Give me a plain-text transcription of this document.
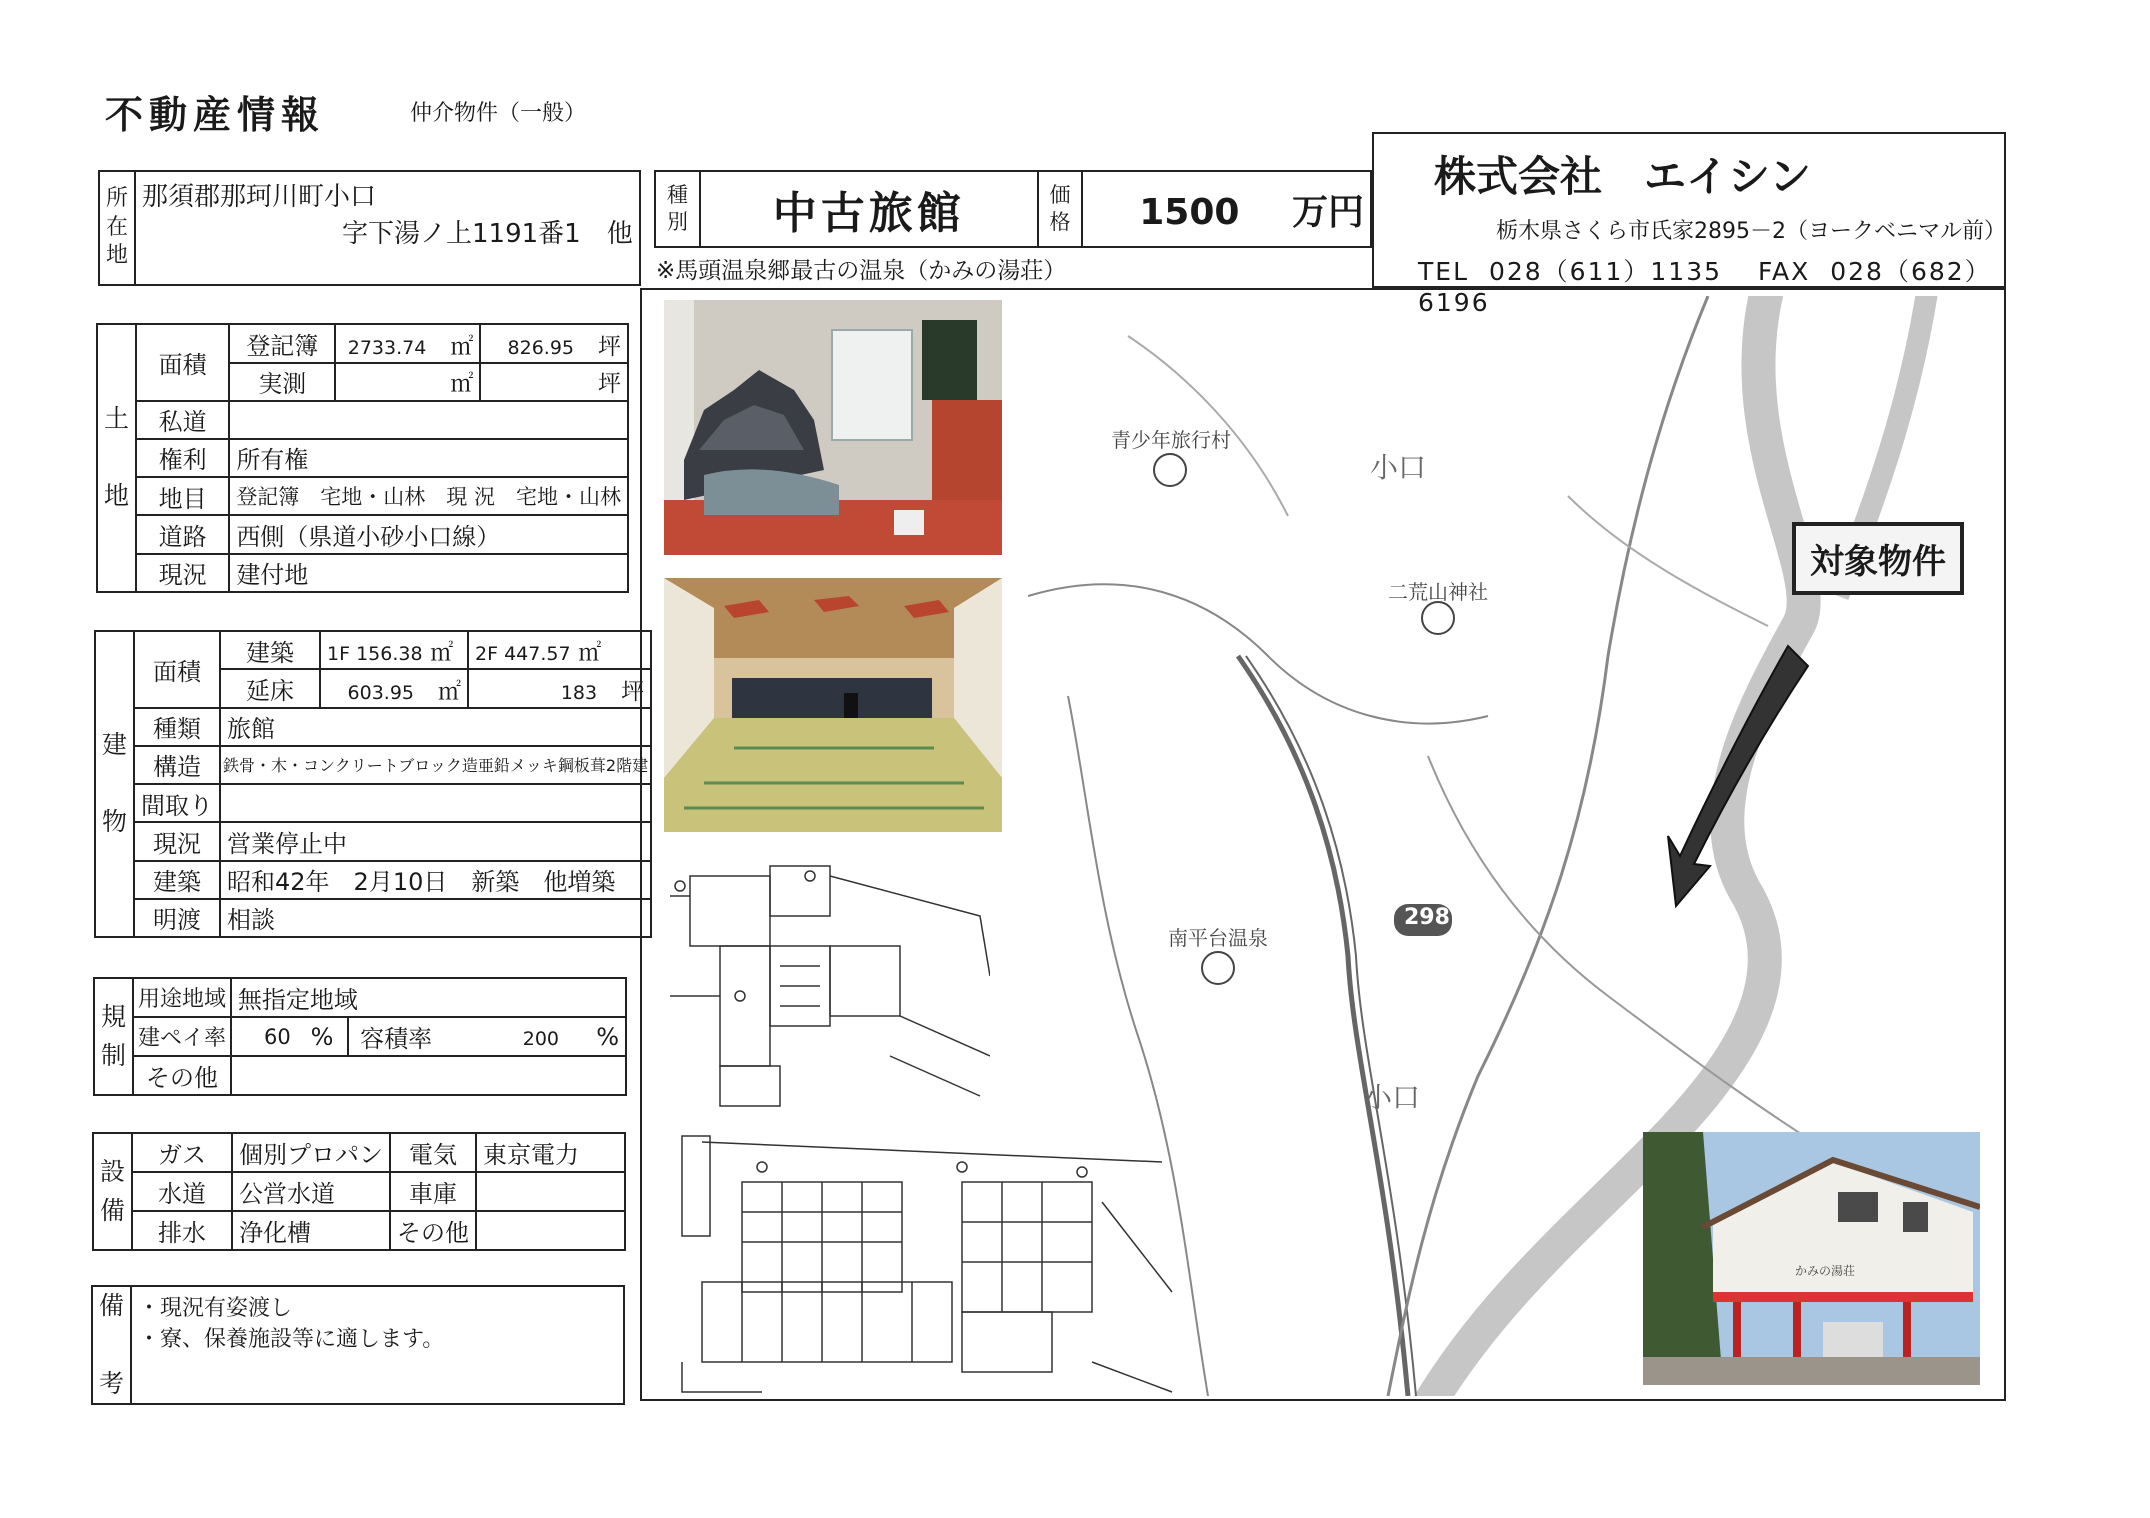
不動産情報	仲介物件（一般）
所
在
地	
那須郡那珂川町小口
字下湯ノ上1191番1　他
種
別	中古旅館	価
格	1500 万円
※馬頭温泉郷最古の温泉（かみの湯荘）
株式会社　エイシン
栃木県さくら市氏家2895－2（ヨークベニマル前）
TEL 028（611）1135 FAX 028（682）6196
土

地	面積	登記簿	2733.74　 ㎡	826.95　 坪
		実測	㎡	坪
	私道			
	権利	所有権		
	地目	登記簿　宅地・山林　現 況　宅地・山林		
	道路	西側（県道小砂小口線）		
	現況	建付地		
建

物	面積	建築	1F 156.38 ㎡	2F 447.57 ㎡
		延床	603.95　 ㎡	183　 坪
	種類	旅館		
	構造	鉄骨・木・コンクリートブロック造亜鉛メッキ鋼板葺2階建		
	間取り			
	現況	営業停止中		
	建築	昭和42年　2月10日　新築　他増築		
	明渡	相談		
規
制	用途地域	無指定地域			
	建ペイ率	60	%	容積率	200 %
	その他				
設
備	ガス	個別プロパン	電気	東京電力
	水道	公営水道	車庫	
	排水	浄化槽	その他	
備

考	
・現況有姿渡し
・寮、保養施設等に適します。
青少年旅行村
小口
二荒山神社
南平台温泉
小口
298
対象物件
かみの湯荘
